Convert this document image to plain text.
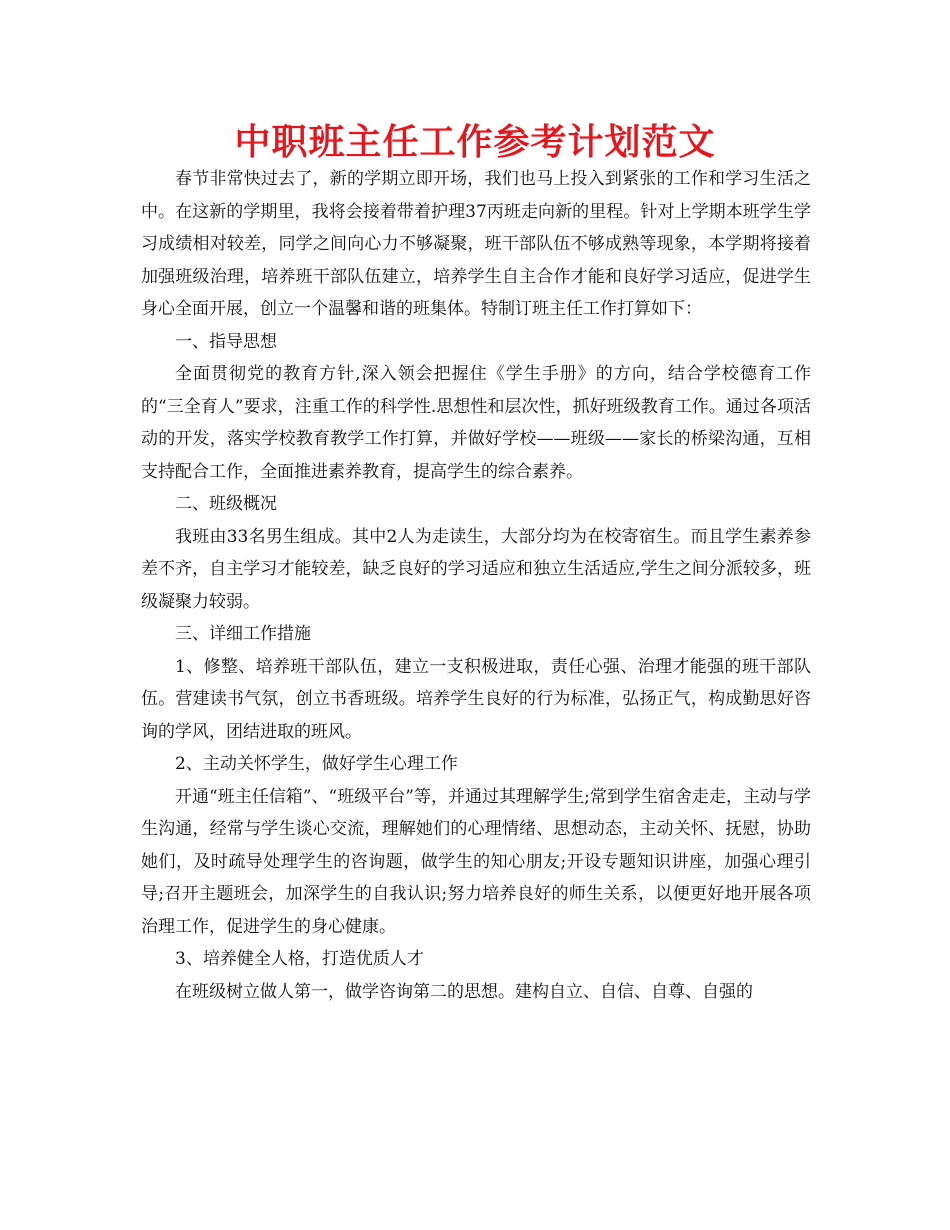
中职班主任工作参考计划范文

春节非常快过去了，新的学期立即开场，我们也马上投入到紧张的工作和学习生活之中。在这新的学期里，我将会接着带着护理37丙班走向新的里程。针对上学期本班学生学习成绩相对较差，同学之间向心力不够凝聚，班干部队伍不够成熟等现象，本学期将接着加强班级治理，培养班干部队伍建立，培养学生自主合作才能和良好学习适应，促进学生身心全面开展，创立一个温馨和谐的班集体。特制订班主任工作打算如下：

一、指导思想

全面贯彻党的教育方针,深入领会把握住《学生手册》的方向，结合学校德育工作的“三全育人”要求，注重工作的科学性.思想性和层次性，抓好班级教育工作。通过各项活动的开发，落实学校教育教学工作打算，并做好学校——班级——家长的桥梁沟通，互相支持配合工作，全面推进素养教育，提高学生的综合素养。

二、班级概况

我班由33名男生组成。其中2人为走读生，大部分均为在校寄宿生。而且学生素养参差不齐，自主学习才能较差，缺乏良好的学习适应和独立生活适应,学生之间分派较多，班级凝聚力较弱。

三、详细工作措施

1、修整、培养班干部队伍，建立一支积极进取，责任心强、治理才能强的班干部队伍。营建读书气氛，创立书香班级。培养学生良好的行为标准，弘扬正气，构成勤思好咨询的学风，团结进取的班风。

2、主动关怀学生，做好学生心理工作

开通“班主任信箱”、“班级平台”等，并通过其理解学生;常到学生宿舍走走，主动与学生沟通，经常与学生谈心交流，理解她们的心理情绪、思想动态，主动关怀、抚慰，协助她们，及时疏导处理学生的咨询题，做学生的知心朋友;开设专题知识讲座，加强心理引导;召开主题班会，加深学生的自我认识;努力培养良好的师生关系，以便更好地开展各项治理工作，促进学生的身心健康。

3、培养健全人格，打造优质人才

在班级树立做人第一，做学咨询第二的思想。建构自立、自信、自尊、自强的
